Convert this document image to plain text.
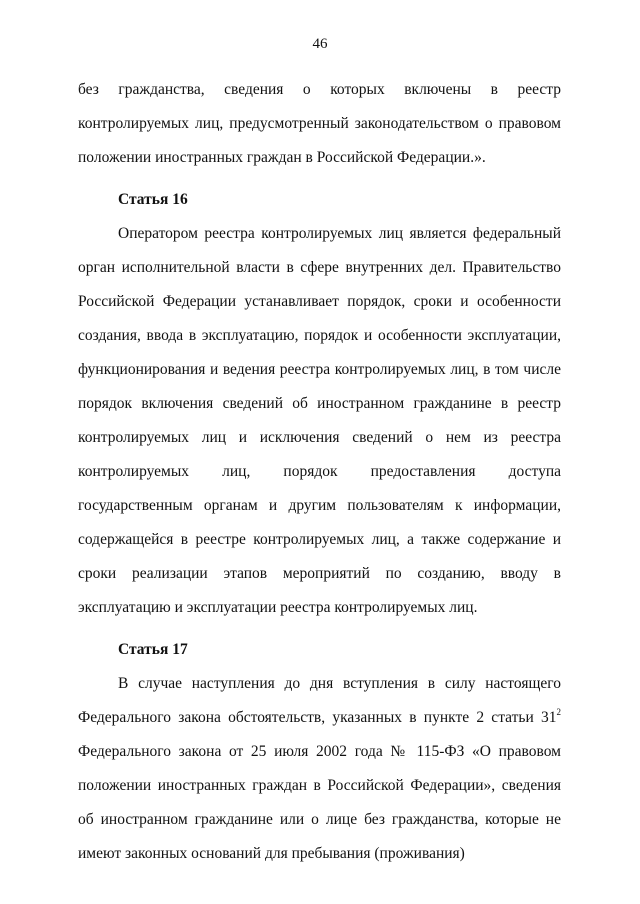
46

без гражданства, сведения о которых включены в реестр контролируемых лиц, предусмотренный законодательством о правовом положении иностранных граждан в Российской Федерации.».

Статья 16

Оператором реестра контролируемых лиц является федеральный орган исполнительной власти в сфере внутренних дел. Правительство Российской Федерации устанавливает порядок, сроки и особенности создания, ввода в эксплуатацию, порядок и особенности эксплуатации, функционирования и ведения реестра контролируемых лиц, в том числе порядок включения сведений об иностранном гражданине в реестр контролируемых лиц и исключения сведений о нем из реестра контролируемых лиц, порядок предоставления доступа государственным органам и другим пользователям к информации, содержащейся в реестре контролируемых лиц, а также содержание и сроки реализации этапов мероприятий по созданию, вводу в эксплуатацию и эксплуатации реестра контролируемых лиц.

Статья 17

В случае наступления до дня вступления в силу настоящего Федерального закона обстоятельств, указанных в пункте 2 статьи $31^2$ Федерального закона от 25 июля 2002 года № 115-ФЗ «О правовом положении иностранных граждан в Российской Федерации», сведения об иностранном гражданине или о лице без гражданства, которые не имеют законных оснований для пребывания (проживания)
